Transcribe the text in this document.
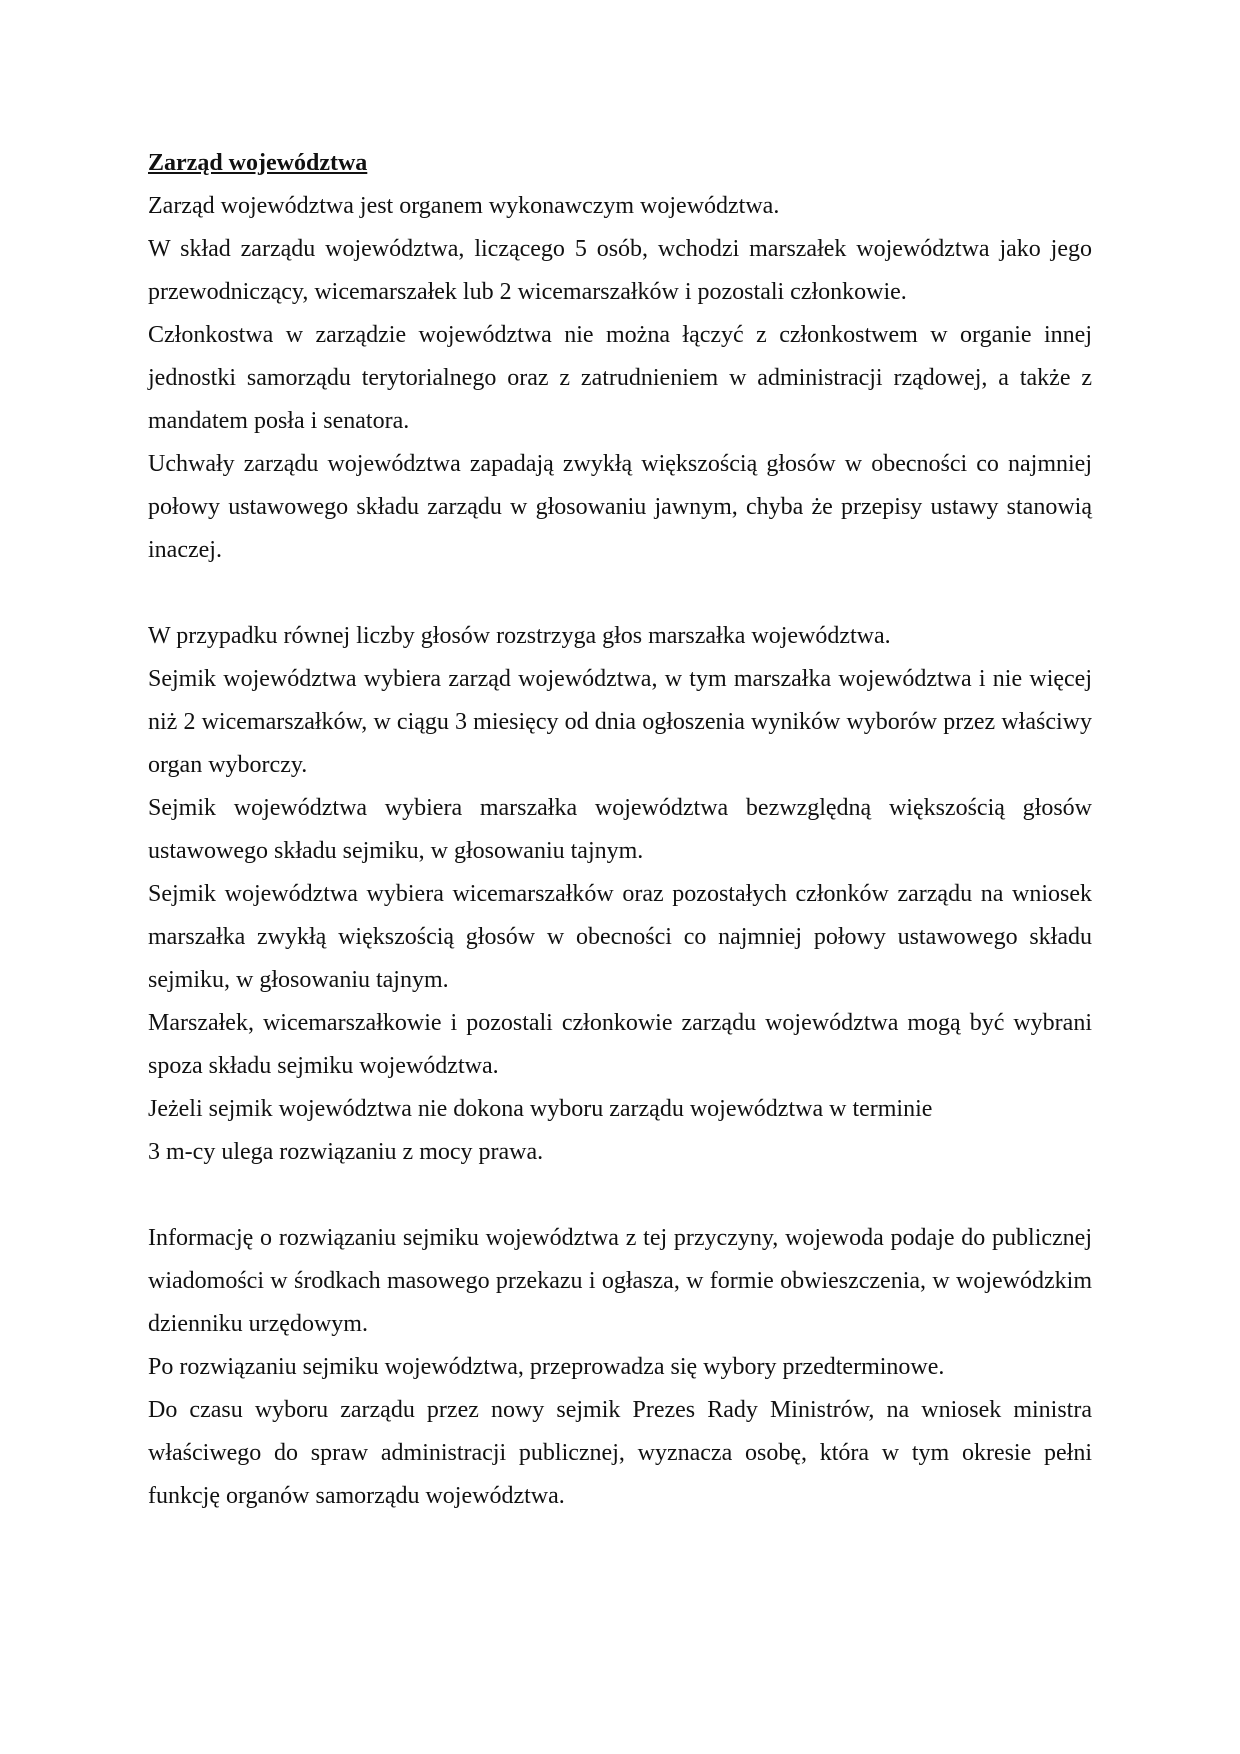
Zarząd województwa

Zarząd województwa jest organem wykonawczym województwa.

W skład zarządu województwa, liczącego 5 osób, wchodzi marszałek województwa jako jego przewodniczący, wicemarszałek lub 2 wicemarszałków i pozostali członkowie.

Członkostwa w zarządzie województwa nie można łączyć z członkostwem w organie innej jednostki samorządu terytorialnego oraz z zatrudnieniem w administracji rządowej, a także z mandatem posła i senatora.

Uchwały zarządu województwa zapadają zwykłą większością głosów w obecności co najmniej połowy ustawowego składu zarządu w głosowaniu jawnym, chyba że przepisy ustawy stanowią inaczej.

W przypadku równej liczby głosów rozstrzyga głos marszałka województwa.

Sejmik województwa wybiera zarząd województwa, w tym marszałka województwa i nie więcej niż 2 wicemarszałków, w ciągu 3 miesięcy od dnia ogłoszenia wyników wyborów przez właściwy organ wyborczy.

Sejmik województwa wybiera marszałka województwa bezwzględną większością głosów ustawowego składu sejmiku, w głosowaniu tajnym.

Sejmik województwa wybiera wicemarszałków oraz pozostałych członków zarządu na wniosek marszałka zwykłą większością głosów w obecności co najmniej połowy ustawowego składu sejmiku, w głosowaniu tajnym.

Marszałek, wicemarszałkowie i pozostali członkowie zarządu województwa mogą być wybrani spoza składu sejmiku województwa.

Jeżeli sejmik województwa nie dokona wyboru zarządu województwa w terminie

3 m-cy ulega rozwiązaniu z mocy prawa.

Informację o rozwiązaniu sejmiku województwa z tej przyczyny, wojewoda podaje do publicznej wiadomości w środkach masowego przekazu i ogłasza, w formie obwieszczenia, w wojewódzkim dzienniku urzędowym.

Po rozwiązaniu sejmiku województwa, przeprowadza się wybory przedterminowe.

Do czasu wyboru zarządu przez nowy sejmik Prezes Rady Ministrów, na wniosek ministra właściwego do spraw administracji publicznej, wyznacza osobę, która w tym okresie pełni funkcję organów samorządu województwa.
